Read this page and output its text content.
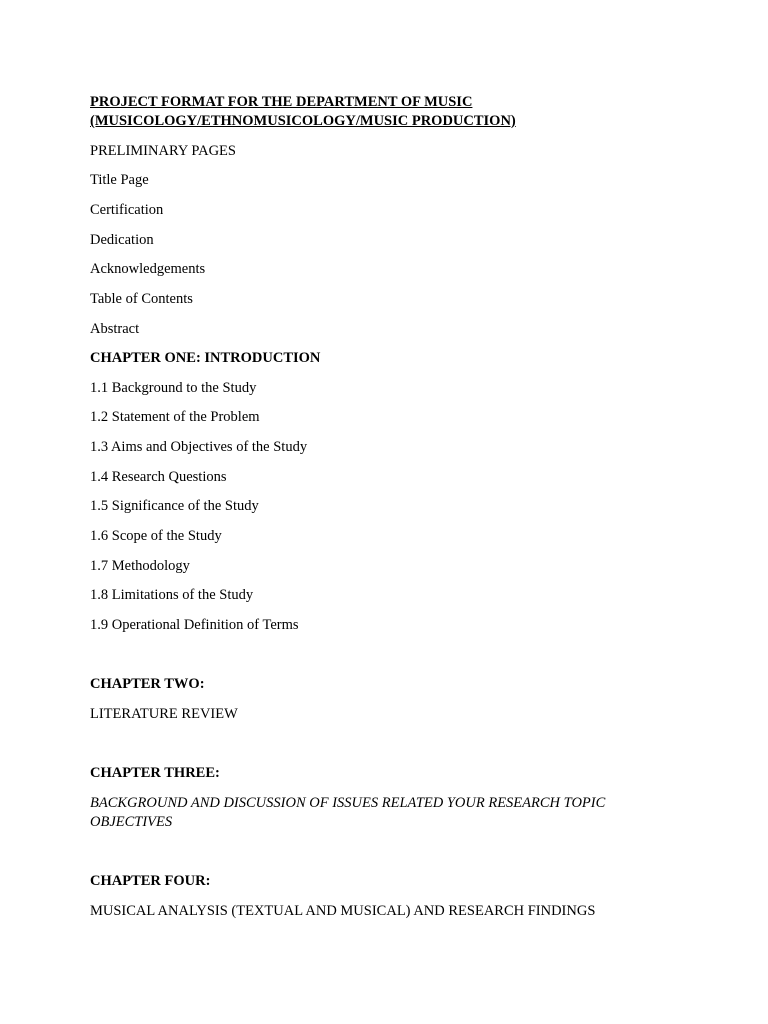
PROJECT FORMAT FOR THE DEPARTMENT OF MUSIC
(MUSICOLOGY/ETHNOMUSICOLOGY/MUSIC PRODUCTION)
PRELIMINARY PAGES
Title Page
Certification
Dedication
Acknowledgements
Table of Contents
Abstract
CHAPTER ONE: INTRODUCTION
1.1 Background to the Study
1.2 Statement of the Problem
1.3 Aims and Objectives of the Study
1.4 Research Questions
1.5 Significance of the Study
1.6 Scope of the Study
1.7 Methodology
1.8 Limitations of the Study
1.9 Operational Definition of Terms
CHAPTER TWO:
LITERATURE REVIEW
CHAPTER THREE:
BACKGROUND AND DISCUSSION OF ISSUES RELATED YOUR RESEARCH TOPIC
OBJECTIVES
CHAPTER FOUR:
MUSICAL ANALYSIS (TEXTUAL AND MUSICAL) AND RESEARCH FINDINGS
